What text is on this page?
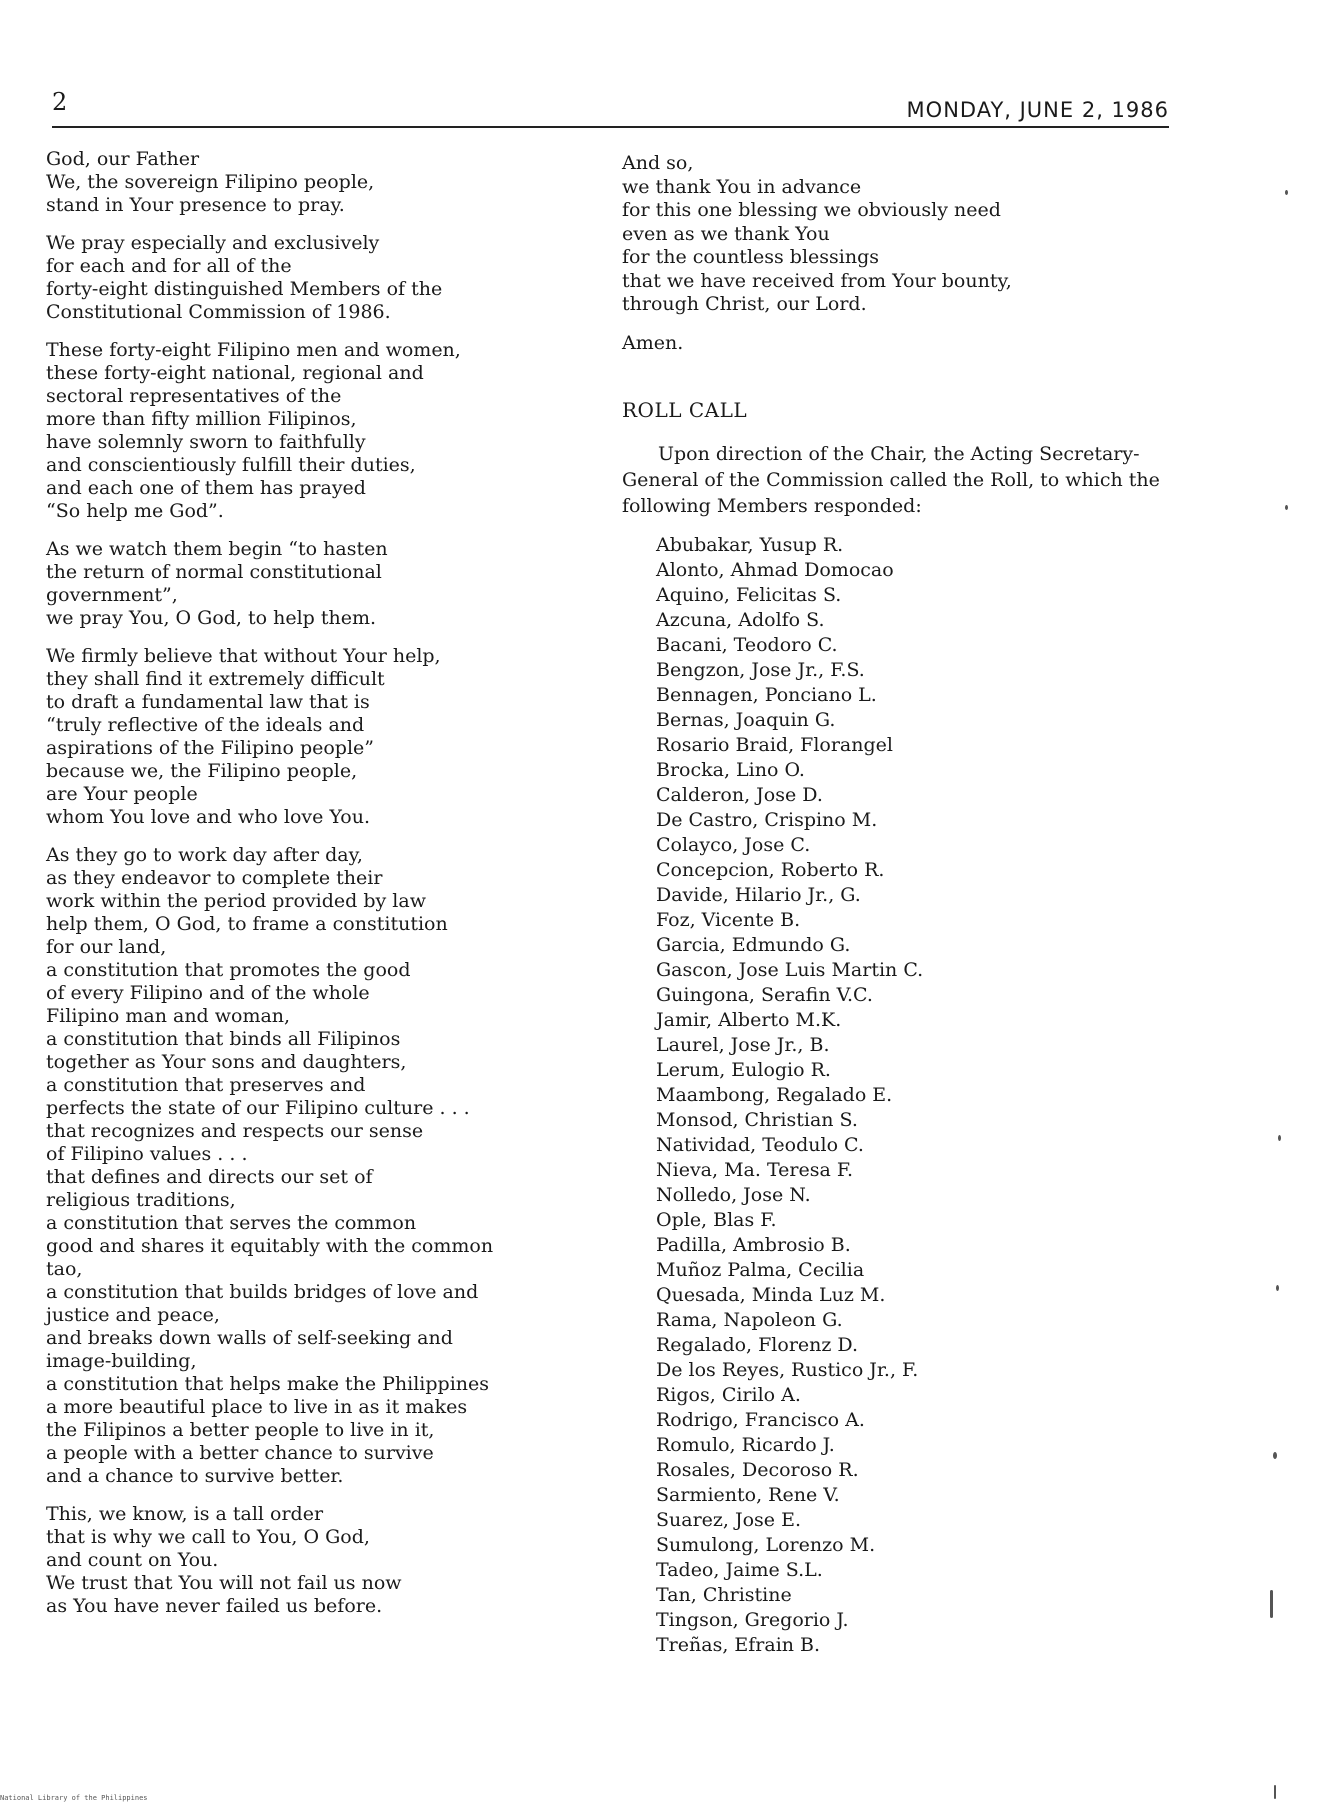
2	MONDAY, JUNE 2, 1986
God, our Father
We, the sovereign Filipino people,
stand in Your presence to pray.
We pray especially and exclusively
for each and for all of the
forty-eight distinguished Members of the
Constitutional Commission of 1986.
These forty-eight Filipino men and women,
these forty-eight national, regional and
sectoral representatives of the
more than fifty million Filipinos,
have solemnly sworn to faithfully
and conscientiously fulfill their duties,
and each one of them has prayed
“So help me God”.
As we watch them begin “to hasten
the return of normal constitutional
government”,
we pray You, O God, to help them.
We firmly believe that without Your help,
they shall find it extremely difficult
to draft a fundamental law that is
“truly reflective of the ideals and
aspirations of the Filipino people”
because we, the Filipino people,
are Your people
whom You love and who love You.
As they go to work day after day,
as they endeavor to complete their
work within the period provided by law
help them, O God, to frame a constitution
for our land,
a constitution that promotes the good
of every Filipino and of the whole
Filipino man and woman,
a constitution that binds all Filipinos
together as Your sons and daughters,
a constitution that preserves and
perfects the state of our Filipino culture . . .
that recognizes and respects our sense
of Filipino values . . .
that defines and directs our set of
religious traditions,
a constitution that serves the common
good and shares it equitably with the common
tao,
a constitution that builds bridges of love and
justice and peace,
and breaks down walls of self-seeking and
image-building,
a constitution that helps make the Philippines
a more beautiful place to live in as it makes
the Filipinos a better people to live in it,
a people with a better chance to survive
and a chance to survive better.
This, we know, is a tall order
that is why we call to You, O God,
and count on You.
We trust that You will not fail us now
as You have never failed us before.
And so,
we thank You in advance
for this one blessing we obviously need
even as we thank You
for the countless blessings
that we have received from Your bounty,
through Christ, our Lord.
Amen.
ROLL CALL
Upon direction of the Chair, the Acting Secretary-General of the Commission called the Roll, to which the following Members responded:
Abubakar, Yusup R.
Alonto, Ahmad Domocao
Aquino, Felicitas S.
Azcuna, Adolfo S.
Bacani, Teodoro C.
Bengzon, Jose Jr., F.S.
Bennagen, Ponciano L.
Bernas, Joaquin G.
Rosario Braid, Florangel
Brocka, Lino O.
Calderon, Jose D.
De Castro, Crispino M.
Colayco, Jose C.
Concepcion, Roberto R.
Davide, Hilario Jr., G.
Foz, Vicente B.
Garcia, Edmundo G.
Gascon, Jose Luis Martin C.
Guingona, Serafin V.C.
Jamir, Alberto M.K.
Laurel, Jose Jr., B.
Lerum, Eulogio R.
Maambong, Regalado E.
Monsod, Christian S.
Natividad, Teodulo C.
Nieva, Ma. Teresa F.
Nolledo, Jose N.
Ople, Blas F.
Padilla, Ambrosio B.
Muñoz Palma, Cecilia
Quesada, Minda Luz M.
Rama, Napoleon G.
Regalado, Florenz D.
De los Reyes, Rustico Jr., F.
Rigos, Cirilo A.
Rodrigo, Francisco A.
Romulo, Ricardo J.
Rosales, Decoroso R.
Sarmiento, Rene V.
Suarez, Jose E.
Sumulong, Lorenzo M.
Tadeo, Jaime S.L.
Tan, Christine
Tingson, Gregorio J.
Treñas, Efrain B.
National Library of the Philippines
